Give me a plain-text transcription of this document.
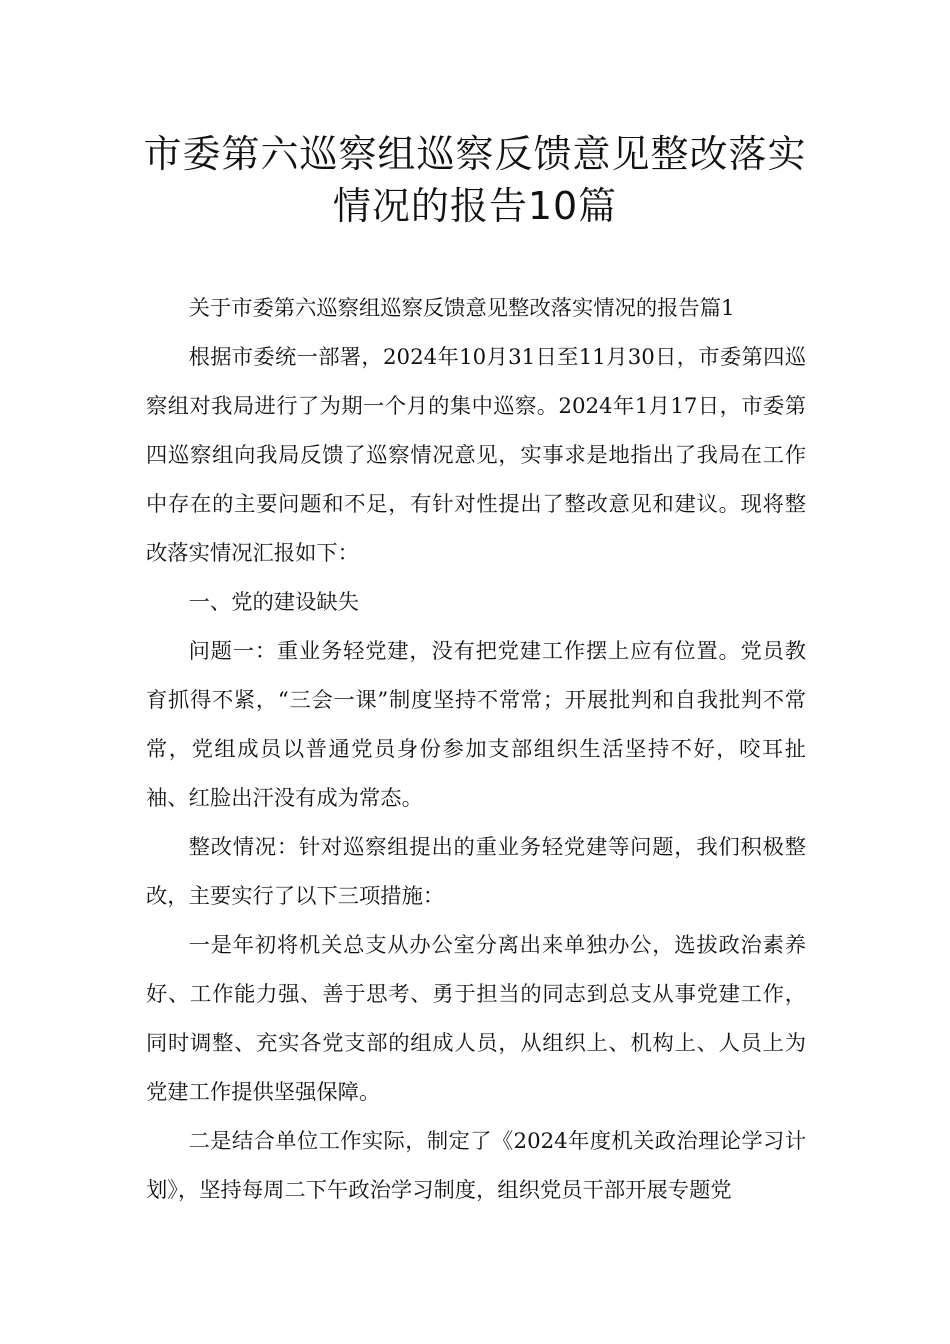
市委第六巡察组巡察反馈意见整改落实
情况的报告10篇

关于市委第六巡察组巡察反馈意见整改落实情况的报告篇1

根据市委统一部署，2024年10月31日至11月30日，市委第四巡察组对我局进行了为期一个月的集中巡察。2024年1月17日，市委第四巡察组向我局反馈了巡察情况意见，实事求是地指出了我局在工作中存在的主要问题和不足，有针对性提出了整改意见和建议。现将整改落实情况汇报如下：

一、党的建设缺失

问题一：重业务轻党建，没有把党建工作摆上应有位置。党员教育抓得不紧，“三会一课”制度坚持不常常；开展批判和自我批判不常常，党组成员以普通党员身份参加支部组织生活坚持不好，咬耳扯袖、红脸出汗没有成为常态。

整改情况：针对巡察组提出的重业务轻党建等问题，我们积极整改，主要实行了以下三项措施：

一是年初将机关总支从办公室分离出来单独办公，选拔政治素养好、工作能力强、善于思考、勇于担当的同志到总支从事党建工作，同时调整、充实各党支部的组成人员，从组织上、机构上、人员上为党建工作提供坚强保障。

二是结合单位工作实际，制定了《2024年度机关政治理论学习计划》，坚持每周二下午政治学习制度，组织党员干部开展专题党
